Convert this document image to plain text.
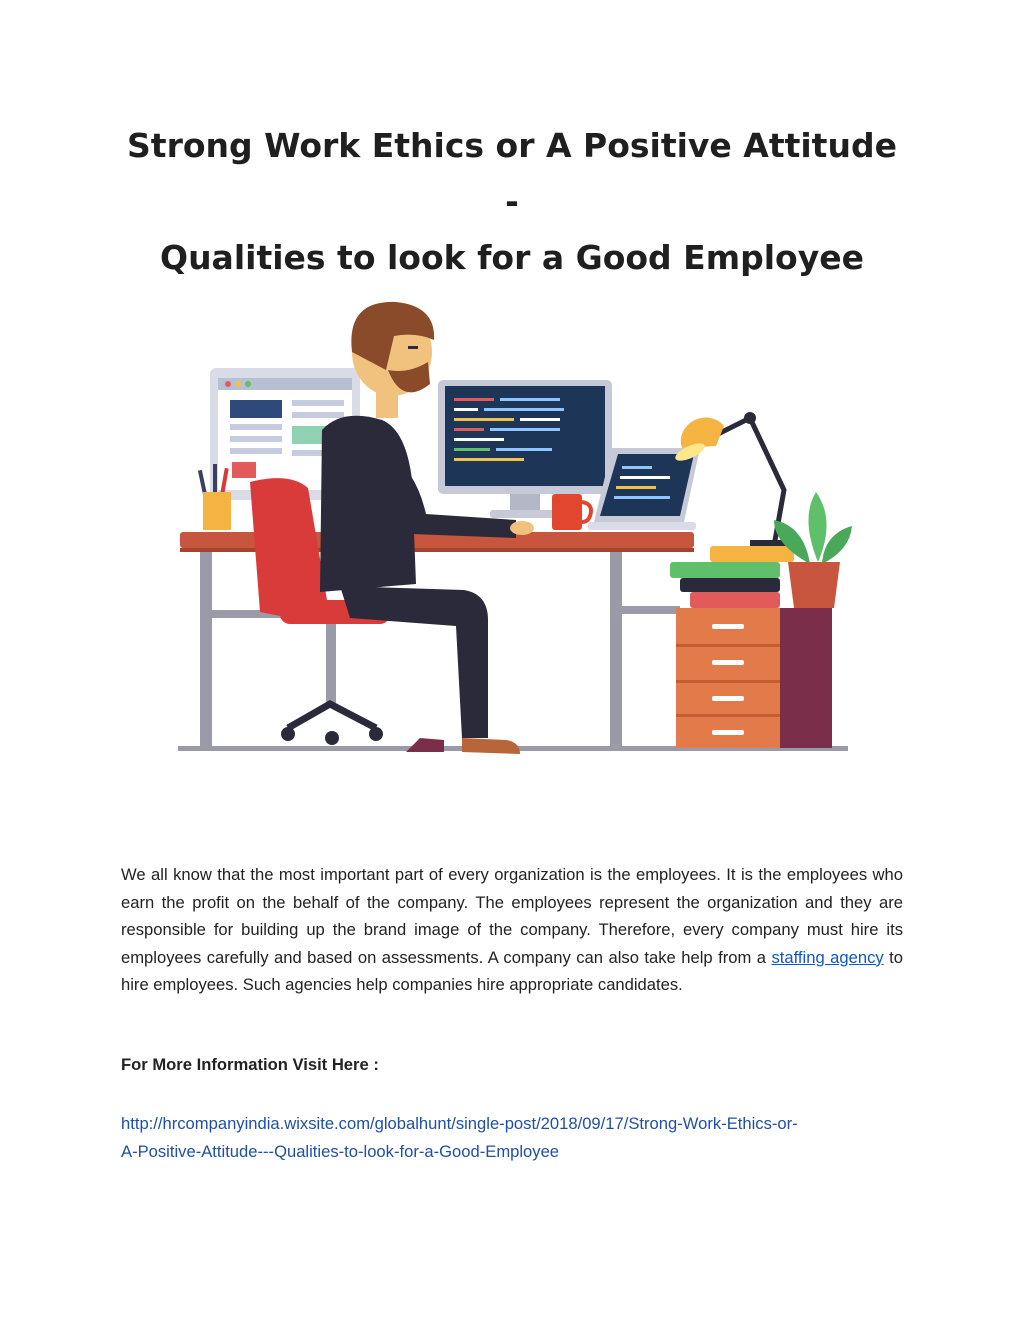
Strong Work Ethics or A Positive Attitude -
Qualities to look for a Good Employee

We all know that the most important part of every organization is the employees. It is the employees who earn the profit on the behalf of the company. The employees represent the organization and they are responsible for building up the brand image of the company. Therefore, every company must hire its employees carefully and based on assessments. A company can also take help from a staffing agency to hire employees. Such agencies help companies hire appropriate candidates.

For More Information Visit Here :

http://hrcompanyindia.wixsite.com/globalhunt/single-post/2018/09/17/Strong-Work-Ethics-or-
A-Positive-Attitude---Qualities-to-look-for-a-Good-Employee
